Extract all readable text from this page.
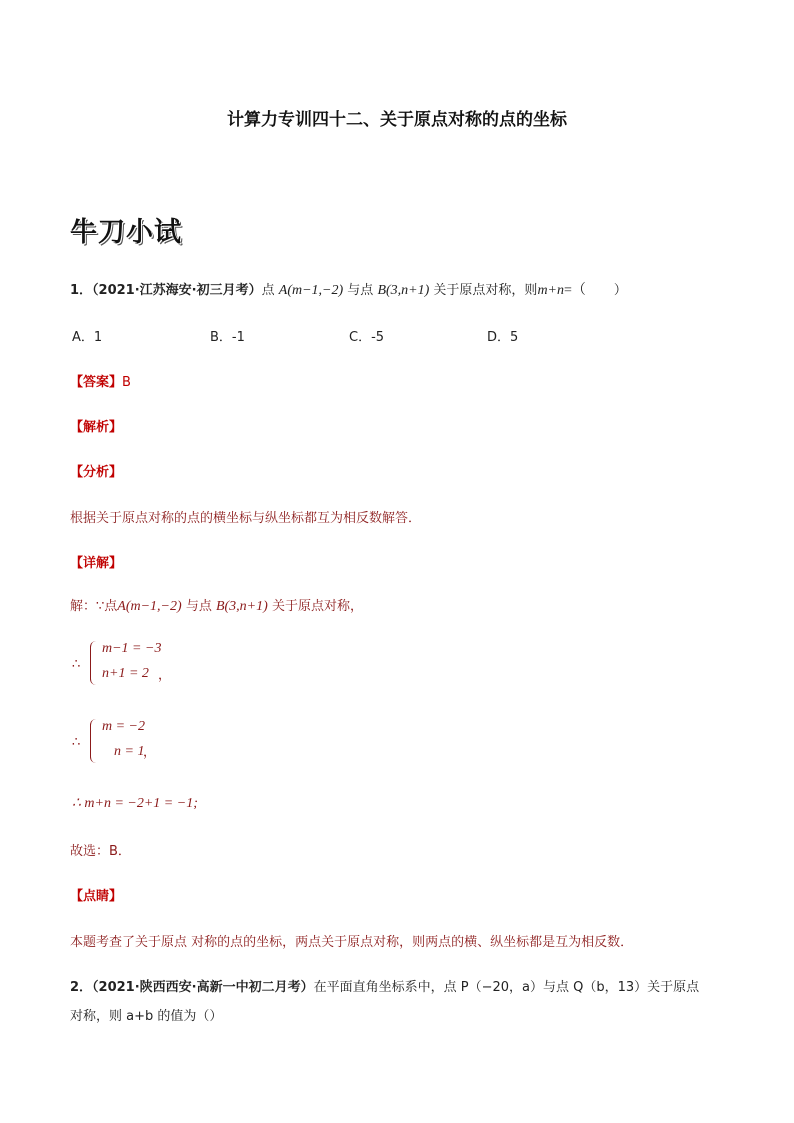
计算力专训四十二、关于原点对称的点的坐标
牛刀小试
1．（2021·江苏海安·初三月考）点 A(m−1,−2) 与点 B(3,n+1) 关于原点对称，则m+n=（ ）
A．1	B．-1	C．-5	D．5
【答案】B
【解析】
【分析】
根据关于原点对称的点的横坐标与纵坐标都互为相反数解答．
【详解】
解：∵点A(m−1,−2) 与点 B(3,n+1) 关于原点对称，
∴
m−1 = −3
n+1 = 2 ，
∴
m = −2
n = 1
，
∴ m+n = −2+1 = −1;
故选：B．
【点睛】
本题考查了关于原点 对称的点的坐标，两点关于原点对称，则两点的横、纵坐标都是互为相反数．
2．（2021·陕西西安·高新一中初二月考）在平面直角坐标系中，点 P（−20，a）与点 Q（b，13）关于原点
对称，则 a+b 的值为（）
